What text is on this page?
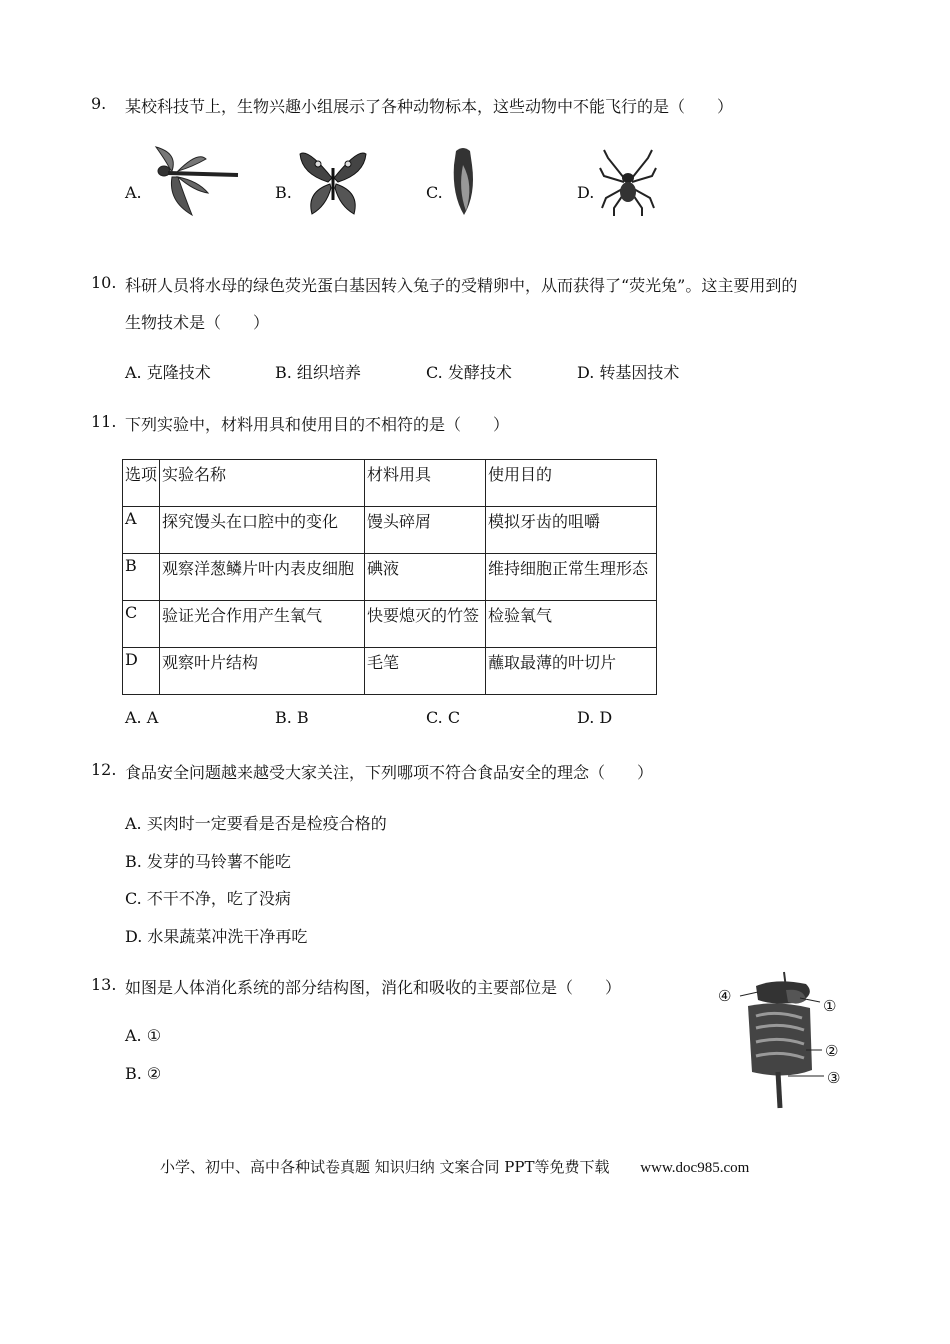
9. 某校科技节上，生物兴趣小组展示了各种动物标本，这些动物中不能飞行的是（　　）
A.	B.	C.	D.
10. 科研人员将水母的绿色荧光蛋白基因转入兔子的受精卵中，从而获得了“荧光兔”。这主要用到的
生物技术是（　　）
A. 克隆技术	B. 组织培养	C. 发酵技术	D. 转基因技术
11. 下列实验中，材料用具和使用目的不相符的是（　　）
选项	实验名称	材料用具	使用目的
A	探究馒头在口腔中的变化	馒头碎屑	模拟牙齿的咀嚼
B	观察洋葱鳞片叶内表皮细胞	碘液	维持细胞正常生理形态
C	验证光合作用产生氧气	快要熄灭的竹签	检验氧气
D	观察叶片结构	毛笔	蘸取最薄的叶切片
A. A	B. B	C. C	D. D
12. 食品安全问题越来越受大家关注，下列哪项不符合食品安全的理念（　　）
A. 买肉时一定要看是否是检疫合格的
B. 发芽的马铃薯不能吃
C. 不干不净，吃了没病
D. 水果蔬菜冲洗干净再吃
13. 如图是人体消化系统的部分结构图，消化和吸收的主要部位是（　　）
A. ①
B. ②
④
①
②
③
小学、初中、高中各种试卷真题 知识归纳 文案合同 PPT等免费下载 www.doc985.com
